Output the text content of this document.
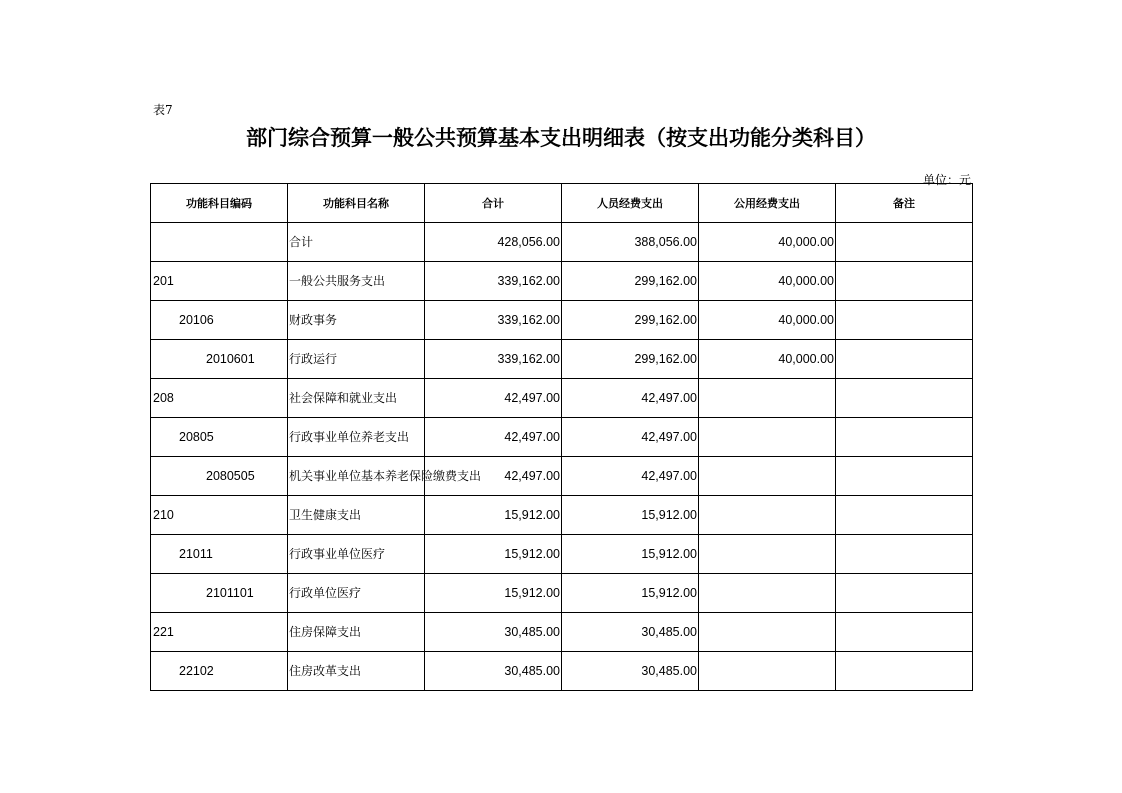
表7
部门综合预算一般公共预算基本支出明细表（按支出功能分类科目）
单位：元
功能科目编码	功能科目名称	合计	人员经费支出	公用经费支出	备注
	合计	428,056.00	388,056.00	40,000.00	
201	一般公共服务支出	339,162.00	299,162.00	40,000.00	
20106	财政事务	339,162.00	299,162.00	40,000.00	
2010601	行政运行	339,162.00	299,162.00	40,000.00	
208	社会保障和就业支出	42,497.00	42,497.00		
20805	行政事业单位养老支出	42,497.00	42,497.00		
2080505	机关事业单位基本养老保险缴费支出	42,497.00	42,497.00		
210	卫生健康支出	15,912.00	15,912.00		
21011	行政事业单位医疗	15,912.00	15,912.00		
2101101	行政单位医疗	15,912.00	15,912.00		
221	住房保障支出	30,485.00	30,485.00		
22102	住房改革支出	30,485.00	30,485.00		
